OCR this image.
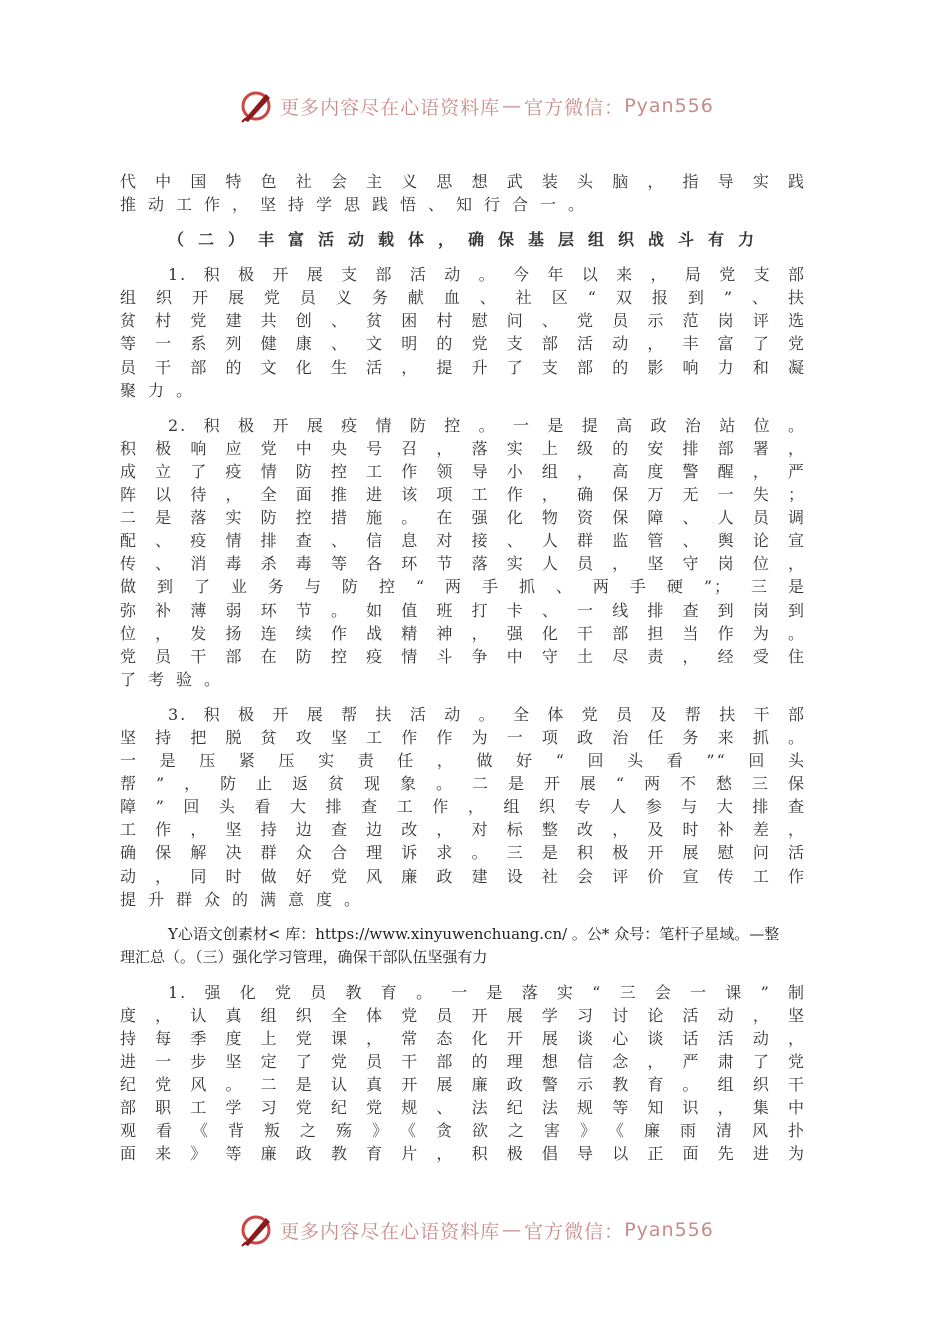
更多内容尽在心语资料库 — 官方微信： Pyan556
代中国特色社会主义思想武装头脑，指导实践
推动工作，坚持学思践悟、知行合一。
（二）丰富活动载体，确保基层组织战斗有力
1.积极开展支部活动。今年以来，局党支部
组织开展党员义务献血、社区“双报到”、扶
贫村党建共创、贫困村慰问、党员示范岗评选
等一系列健康、文明的党支部活动，丰富了党
员干部的文化生活，提升了支部的影响力和凝
聚力。
2.积极开展疫情防控。一是提高政治站位。
积极响应党中央号召，落实上级的安排部署，
成立了疫情防控工作领导小组，高度警醒，严
阵以待，全面推进该项工作，确保万无一失；
二是落实防控措施。在强化物资保障、人员调
配、疫情排查、信息对接、人群监管、舆论宣
传、消毒杀毒等各环节落实人员，坚守岗位，
做到了业务与防控“两手抓、两手硬”；三是
弥补薄弱环节。如值班打卡、一线排查到岗到
位，发扬连续作战精神，强化干部担当作为。
党员干部在防控疫情斗争中守土尽责，经受住
了考验。
3.积极开展帮扶活动。全体党员及帮扶干部
坚持把脱贫攻坚工作作为一项政治任务来抓。
一是压紧压实责任，做好“回头看”“回头
帮”，防止返贫现象。二是开展“两不愁三保
障”回头看大排查工作，组织专人参与大排查
工作，坚持边查边改，对标整改，及时补差，
确保解决群众合理诉求。三是积极开展慰问活
动，同时做好党风廉政建设社会评价宣传工作
提升群众的满意度。
Y心语文创素材< 库：https://www.xinyuwenchuang.cn/ 。公* 众号：笔杆子星域。—整
理汇总（。（三）强化学习管理，确保干部队伍坚强有力
1.强化党员教育。一是落实“三会一课”制
度，认真组织全体党员开展学习讨论活动，坚
持每季度上党课，常态化开展谈心谈话活动，
进一步坚定了党员干部的理想信念，严肃了党
纪党风。二是认真开展廉政警示教育。组织干
部职工学习党纪党规、法纪法规等知识，集中
观看《背叛之殇》《贪欲之害》《廉雨清风扑
面来》等廉政教育片，积极倡导以正面先进为
更多内容尽在心语资料库 — 官方微信： Pyan556
